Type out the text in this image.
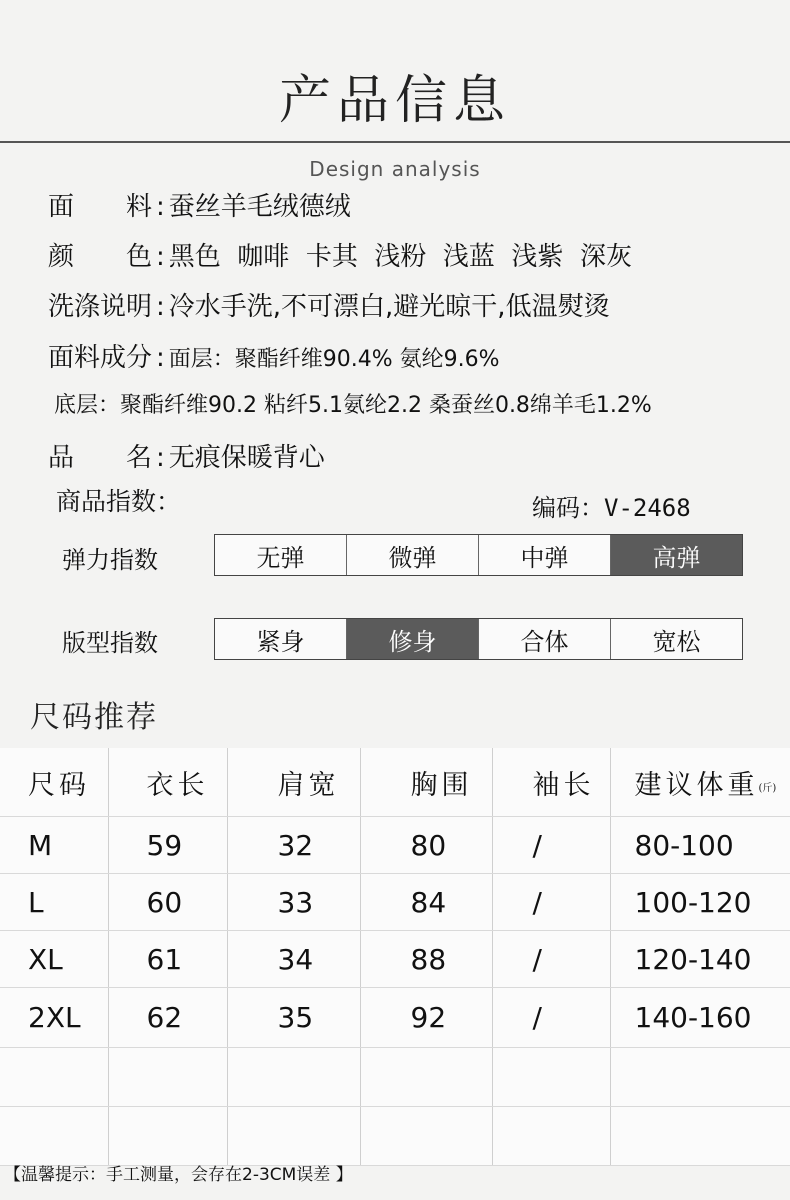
产品信息
Design analysis
面　　料 : 蚕丝羊毛绒德绒
颜　　色 : 黑色  咖啡  卡其  浅粉  浅蓝  浅紫  深灰
洗涤说明 : 冷水手洗,不可漂白,避光晾干,低温熨烫
面料成分 : 面层：聚酯纤维90.4% 氨纶9.6%
底层：聚酯纤维90.2 粘纤5.1氨纶2.2 桑蚕丝0.8绵羊毛1.2%
品　　名 : 无痕保暖背心
商品指数：	编码：V-2468
弹力指数	无弹	微弹	中弹	高弹
版型指数	紧身	修身	合体	宽松
尺码推荐
尺码	衣长	肩宽	胸围	袖长	建议体重(斤)
M	59	32	80	/	80-100
L	60	33	84	/	100-120
XL	61	34	88	/	120-140
2XL	62	35	92	/	140-160

【温馨提示：手工测量，会存在2-3CM误差 】
